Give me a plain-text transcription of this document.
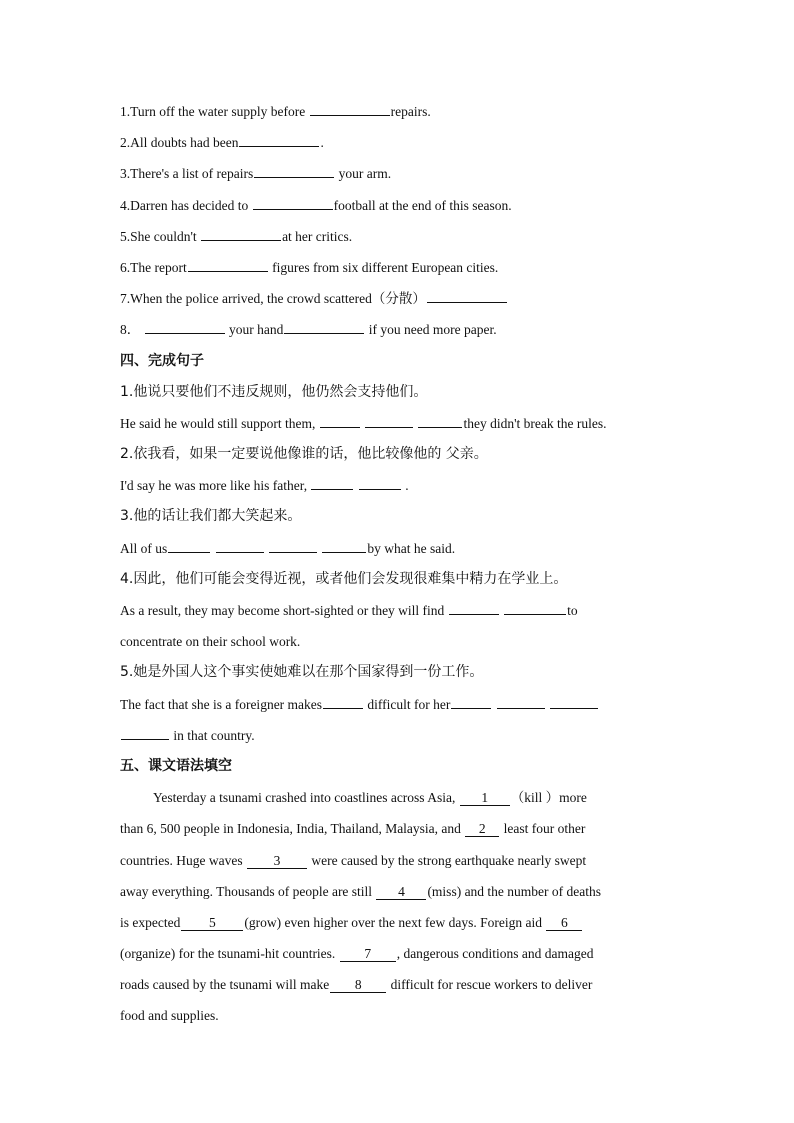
1.Turn off the water supply before	repairs.
2.All doubts had been	.
3.There's a list of repairs	your arm.
4.Darren has decided to	football at the end of this season.
5.She couldn't	at her critics.
6.The report	figures from six different European cities.
7.When the police arrived, the crowd scattered（分散）
8．	your hand	if you need more paper.
四、完成句子
1.他说只要他们不违反规则，他仍然会支持他们。
He said he would still support them,	they didn't break the rules.
2.依我看，如果一定要说他像谁的话，他比较像他的 父亲。
I'd say he was more like his father,	.
3.他的话让我们都大笑起来。
All of us	by what he said.
4.因此，他们可能会变得近视，或者他们会发现很难集中精力在学业上。
As a result, they may become short-sighted or they will find	to
concentrate on their school work.
5.她是外国人这个事实使她难以在那个国家得到一份工作。
The fact that she is a foreigner makes	difficult for her
in that country.
五、课文语法填空
Yesterday a tsunami crashed into coastlines across Asia, 1 （kill ）more
than 6, 500 people in Indonesia, India, Thailand, Malaysia, and 2 least four other
countries. Huge waves 3 were caused by the strong earthquake nearly swept
away everything. Thousands of people are still 4 (miss) and the number of deaths
is expected 5 (grow) even higher over the next few days. Foreign aid 6
(organize) for the tsunami-hit countries. 7 , dangerous conditions and damaged
roads caused by the tsunami will make 8 difficult for rescue workers to deliver
food and supplies.
